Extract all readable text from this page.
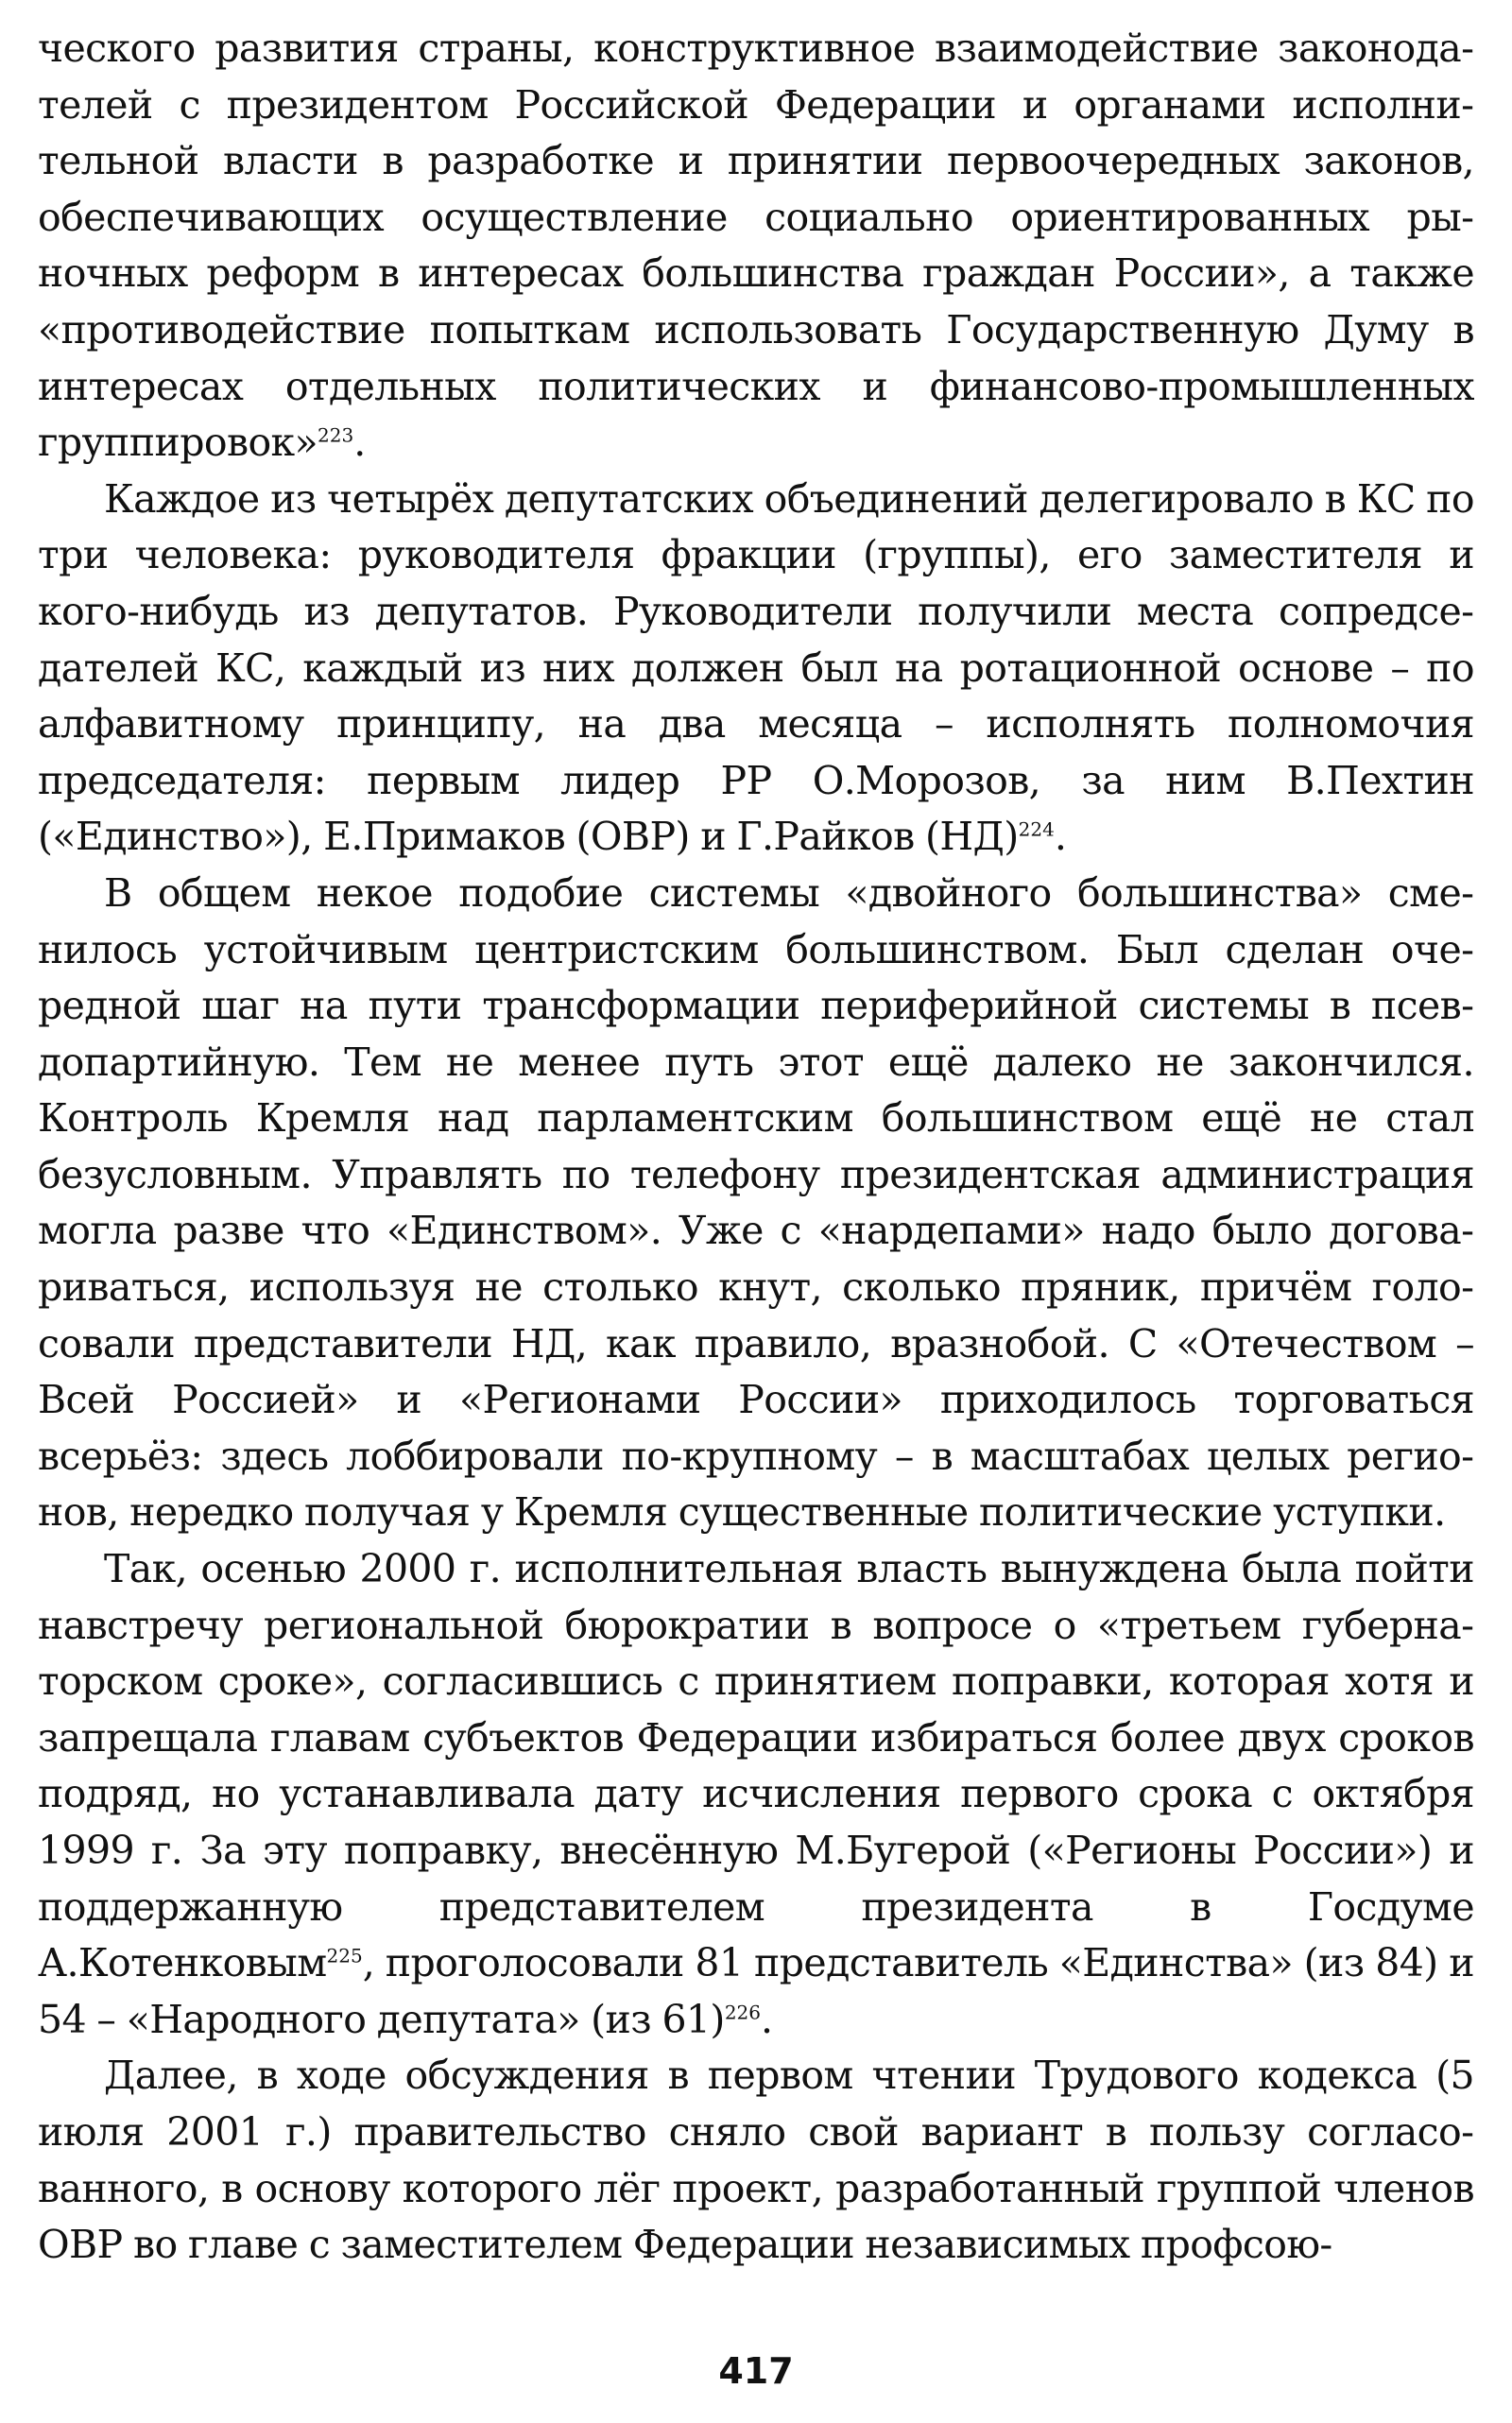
ческого развития страны, конструктивное взаимодействие законодателей с президентом Российской Федерации и органами исполнительной власти в разработке и принятии первоочередных законов, обеспечивающих осуществление социально ориентированных рыночных реформ в интересах большинства граждан России», а также «противодействие попыткам использовать Государственную Думу в интересах отдельных политических и финансово-промышленных группировок»$^{223}$.

Каждое из четырёх депутатских объединений делегировало в КС по три человека: руководителя фракции (группы), его заместителя и кого-нибудь из депутатов. Руководители получили места сопредседателей КС, каждый из них должен был на ротационной основе – по алфавитному принципу, на два месяца – исполнять полномочия председателя: первым лидер РР О.Морозов, за ним В.Пехтин («Единство»), Е.Примаков (ОВР) и Г.Райков (НД)$^{224}$.

В общем некое подобие системы «двойного большинства» сменилось устойчивым центристским большинством. Был сделан очередной шаг на пути трансформации периферийной системы в псевдопартийную. Тем не менее путь этот ещё далеко не закончился. Контроль Кремля над парламентским большинством ещё не стал безусловным. Управлять по телефону президентская администрация могла разве что «Единством». Уже с «нардепами» надо было договариваться, используя не столько кнут, сколько пряник, причём голосовали представители НД, как правило, вразнобой. С «Отечеством – Всей Россией» и «Регионами России» приходилось торговаться всерьёз: здесь лоббировали по-крупному – в масштабах целых регионов, нередко получая у Кремля существенные политические уступки.

Так, осенью 2000 г. исполнительная власть вынуждена была пойти навстречу региональной бюрократии в вопросе о «третьем губернаторском сроке», согласившись с принятием поправки, которая хотя и запрещала главам субъектов Федерации избираться более двух сроков подряд, но устанавливала дату исчисления первого срока с октября 1999 г. За эту поправку, внесённую М.Бугерой («Регионы России») и поддержанную представителем президента в Госдуме А.Котенковым$^{225}$, проголосовали 81 представитель «Единства» (из 84) и 54 – «Народного депутата» (из 61)$^{226}$.

Далее, в ходе обсуждения в первом чтении Трудового кодекса (5 июля 2001 г.) правительство сняло свой вариант в пользу согласованного, в основу которого лёг проект, разработанный группой членов ОВР во главе с заместителем Федерации независимых профсою-

417
